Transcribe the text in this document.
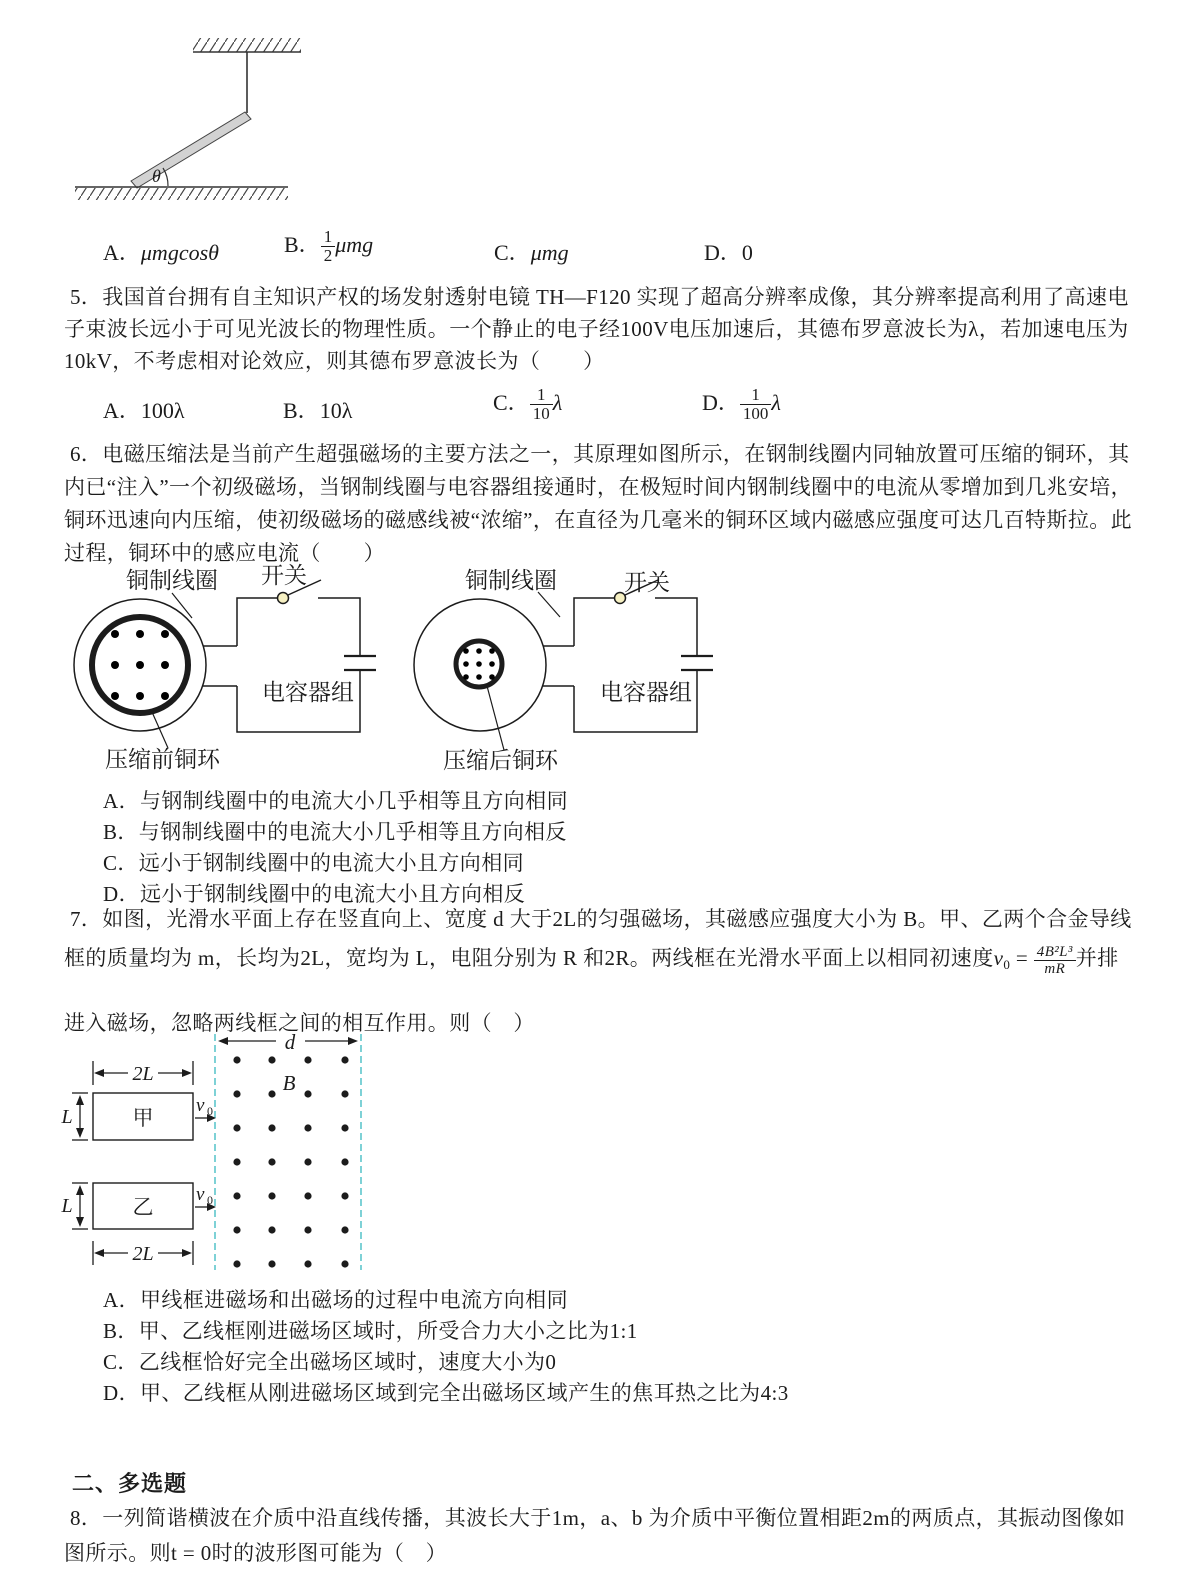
θ
A．μmgcosθ	B． $\frac{1}{2}$ μmg	C．μmg	D．0
5．我国首台拥有自主知识产权的场发射透射电镜 TH—F120 实现了超高分辨率成像，其分辨率提高利用了高速电
子束波长远小于可见光波长的物理性质。一个静止的电子经100V电压加速后，其德布罗意波长为λ，若加速电压为
10kV，不考虑相对论效应，则其德布罗意波长为（　　）
A．100λ	B．10λ	C． $\frac{1}{10}$ λ	D． $\frac{1}{100}$ λ
6．电磁压缩法是当前产生超强磁场的主要方法之一，其原理如图所示，在钢制线圈内同轴放置可压缩的铜环，其
内已“注入”一个初级磁场，当钢制线圈与电容器组接通时，在极短时间内钢制线圈中的电流从零增加到几兆安培，
铜环迅速向内压缩，使初级磁场的磁感线被“浓缩”，在直径为几毫米的铜环区域内磁感应强度可达几百特斯拉。此
过程，铜环中的感应电流（　　）
铜制线圈 开关
电容器组
压缩前铜环
铜制线圈	开关
电容器组
压缩后铜环
A．与钢制线圈中的电流大小几乎相等且方向相同
B．与钢制线圈中的电流大小几乎相等且方向相反
C．远小于钢制线圈中的电流大小且方向相同
D．远小于钢制线圈中的电流大小且方向相反
7．如图，光滑水平面上存在竖直向上、宽度 d 大于2L的匀强磁场，其磁感应强度大小为 B。甲、乙两个合金导线
框的质量均为 m，长均为2L，宽均为 L，电阻分别为 R 和2R。两线框在光滑水平面上以相同初速度$v_0 = \frac{\text{4B²L³}}{mR}$ 并排
进入磁场，忽略两线框之间的相互作用。则（　）
d
B
甲
乙
2L
2L
L
L
v 0
v 0
A．甲线框进磁场和出磁场的过程中电流方向相同
B．甲、乙线框刚进磁场区域时，所受合力大小之比为1:1
C．乙线框恰好完全出磁场区域时，速度大小为0
D．甲、乙线框从刚进磁场区域到完全出磁场区域产生的焦耳热之比为4:3
二、多选题
8．一列简谐横波在介质中沿直线传播，其波长大于1m，a、b 为介质中平衡位置相距2m的两质点，其振动图像如
图所示。则t = 0时的波形图可能为（　）
